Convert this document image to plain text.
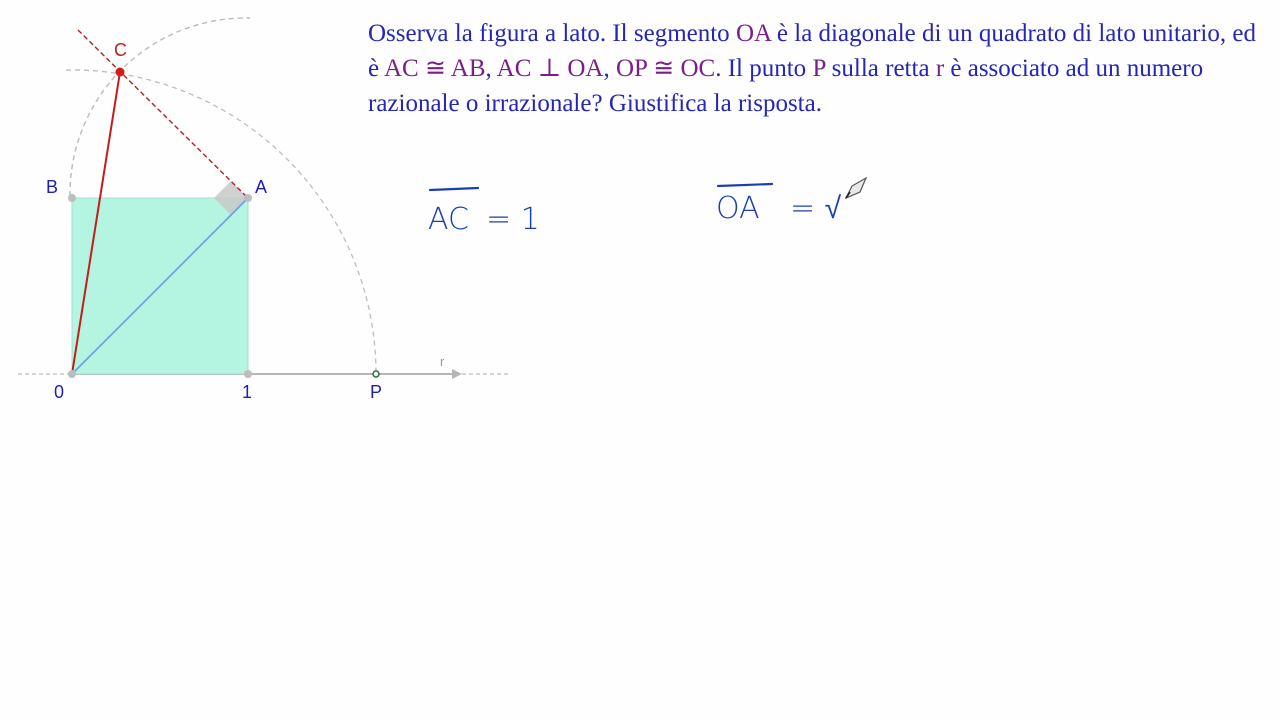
0	1	P
A
B
C
r
Osserva la figura a lato. Il segmento OA è la diagonale di un quadrato di lato unitario, ed è AC ≅ AB, AC ⊥ OA, OP ≅ OC. Il punto P sulla retta r è associato ad un numero razionale o irrazionale? Giustifica la risposta.
AC = 1	OA = √
